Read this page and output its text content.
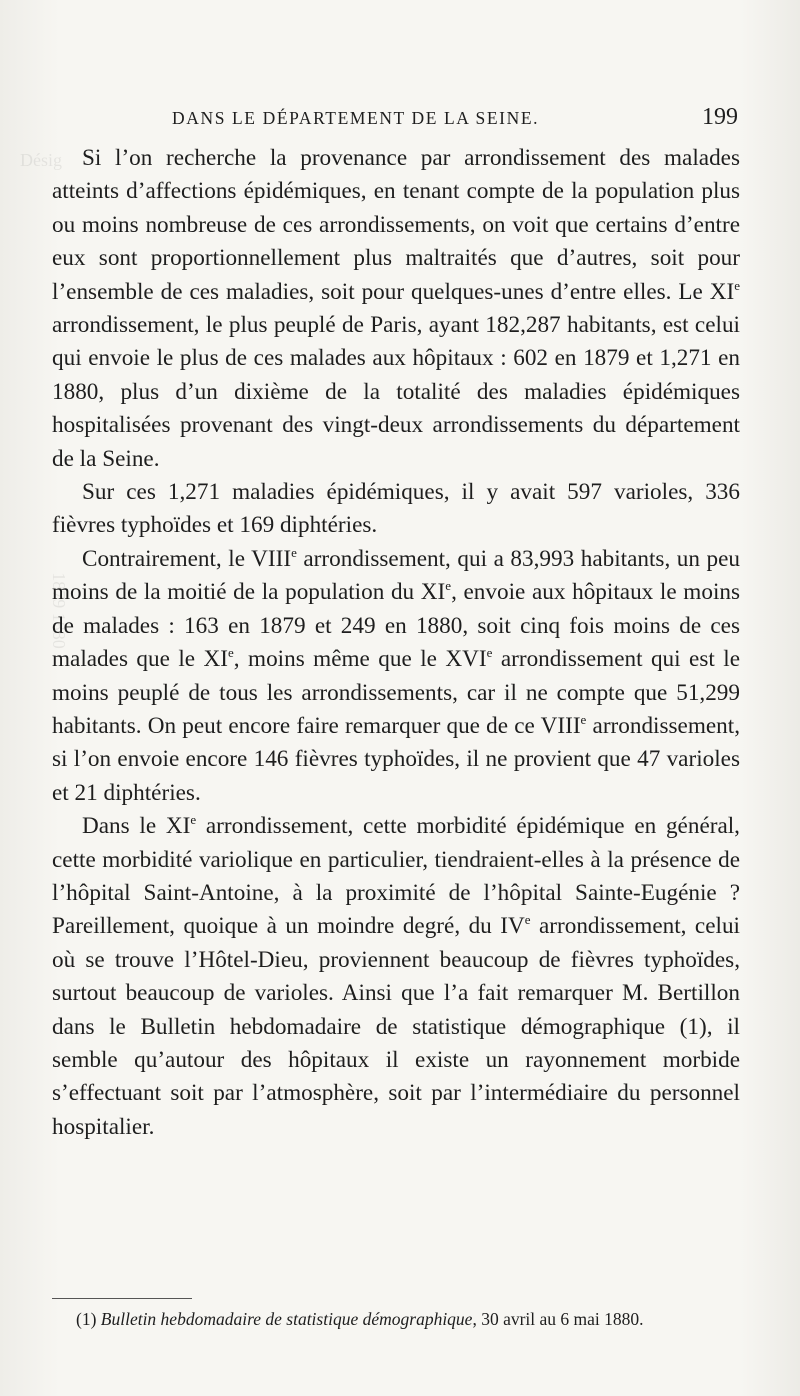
Désig
1879 1880
DANS LE DÉPARTEMENT DE LA SEINE.	199

Si l’on recherche la provenance par arrondissement des malades atteints d’affections épidémiques, en tenant compte de la population plus ou moins nombreuse de ces arrondissements, on voit que certains d’entre eux sont proportionnellement plus maltraités que d’autres, soit pour l’ensemble de ces maladies, soit pour quelques-unes d’entre elles. Le XIe arrondissement, le plus peuplé de Paris, ayant 182,287 habitants, est celui qui envoie le plus de ces malades aux hôpitaux : 602 en 1879 et 1,271 en 1880, plus d’un dixième de la totalité des maladies épidémiques hospitalisées provenant des vingt-deux arrondissements du département de la Seine.

Sur ces 1,271 maladies épidémiques, il y avait 597 varioles, 336 fièvres typhoïdes et 169 diphtéries.

Contrairement, le VIIIe arrondissement, qui a 83,993 habitants, un peu moins de la moitié de la population du XIe, envoie aux hôpitaux le moins de malades : 163 en 1879 et 249 en 1880, soit cinq fois moins de ces malades que le XIe, moins même que le XVIe arrondissement qui est le moins peuplé de tous les arrondissements, car il ne compte que 51,299 habitants. On peut encore faire remarquer que de ce VIIIe arrondissement, si l’on envoie encore 146 fièvres typhoïdes, il ne provient que 47 varioles et 21 diphtéries.

Dans le XIe arrondissement, cette morbidité épidémique en général, cette morbidité variolique en particulier, tiendraient-elles à la présence de l’hôpital Saint-Antoine, à la proximité de l’hôpital Sainte-Eugénie ? Pareillement, quoique à un moindre degré, du IVe arrondissement, celui où se trouve l’Hôtel-Dieu, proviennent beaucoup de fièvres typhoïdes, surtout beaucoup de varioles. Ainsi que l’a fait remarquer M. Bertillon dans le Bulletin hebdomadaire de statistique démographique (1), il semble qu’autour des hôpitaux il existe un rayonnement morbide s’effectuant soit par l’atmosphère, soit par l’intermédiaire du personnel hospitalier.

(1) Bulletin hebdomadaire de statistique démographique, 30 avril au 6 mai 1880.
